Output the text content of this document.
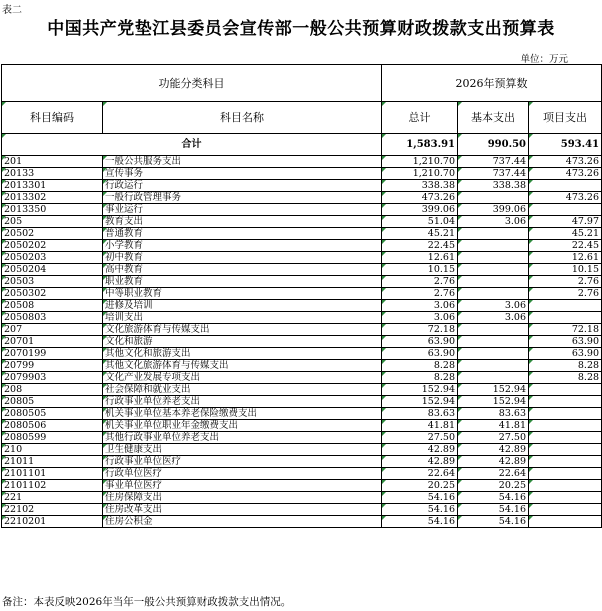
表二
中国共产党垫江县委员会宣传部一般公共预算财政拨款支出预算表
单位：万元
功能分类科目		2026年预算数		
科目编码	科目名称	总计	基本支出	项目支出
合计		1,583.91	990.50	593.41
201	一般公共服务支出	1,210.70	737.44	473.26
20133	宣传事务	1,210.70	737.44	473.26
2013301	行政运行	338.38	338.38	
2013302	一般行政管理事务	473.26		473.26
2013350	事业运行	399.06	399.06	
205	教育支出	51.04	3.06	47.97
20502	普通教育	45.21		45.21
2050202	小学教育	22.45		22.45
2050203	初中教育	12.61		12.61
2050204	高中教育	10.15		10.15
20503	职业教育	2.76		2.76
2050302	中等职业教育	2.76		2.76
20508	进修及培训	3.06	3.06	
2050803	培训支出	3.06	3.06	
207	文化旅游体育与传媒支出	72.18		72.18
20701	文化和旅游	63.90		63.90
2070199	其他文化和旅游支出	63.90		63.90
20799	其他文化旅游体育与传媒支出	8.28		8.28
2079903	文化产业发展专项支出	8.28		8.28
208	社会保障和就业支出	152.94	152.94	
20805	行政事业单位养老支出	152.94	152.94	
2080505	机关事业单位基本养老保险缴费支出	83.63	83.63	
2080506	机关事业单位职业年金缴费支出	41.81	41.81	
2080599	其他行政事业单位养老支出	27.50	27.50	
210	卫生健康支出	42.89	42.89	
21011	行政事业单位医疗	42.89	42.89	
2101101	行政单位医疗	22.64	22.64	
2101102	事业单位医疗	20.25	20.25	
221	住房保障支出	54.16	54.16	
22102	住房改革支出	54.16	54.16	
2210201	住房公积金	54.16	54.16	
备注：本表反映2026年当年一般公共预算财政拨款支出情况。
